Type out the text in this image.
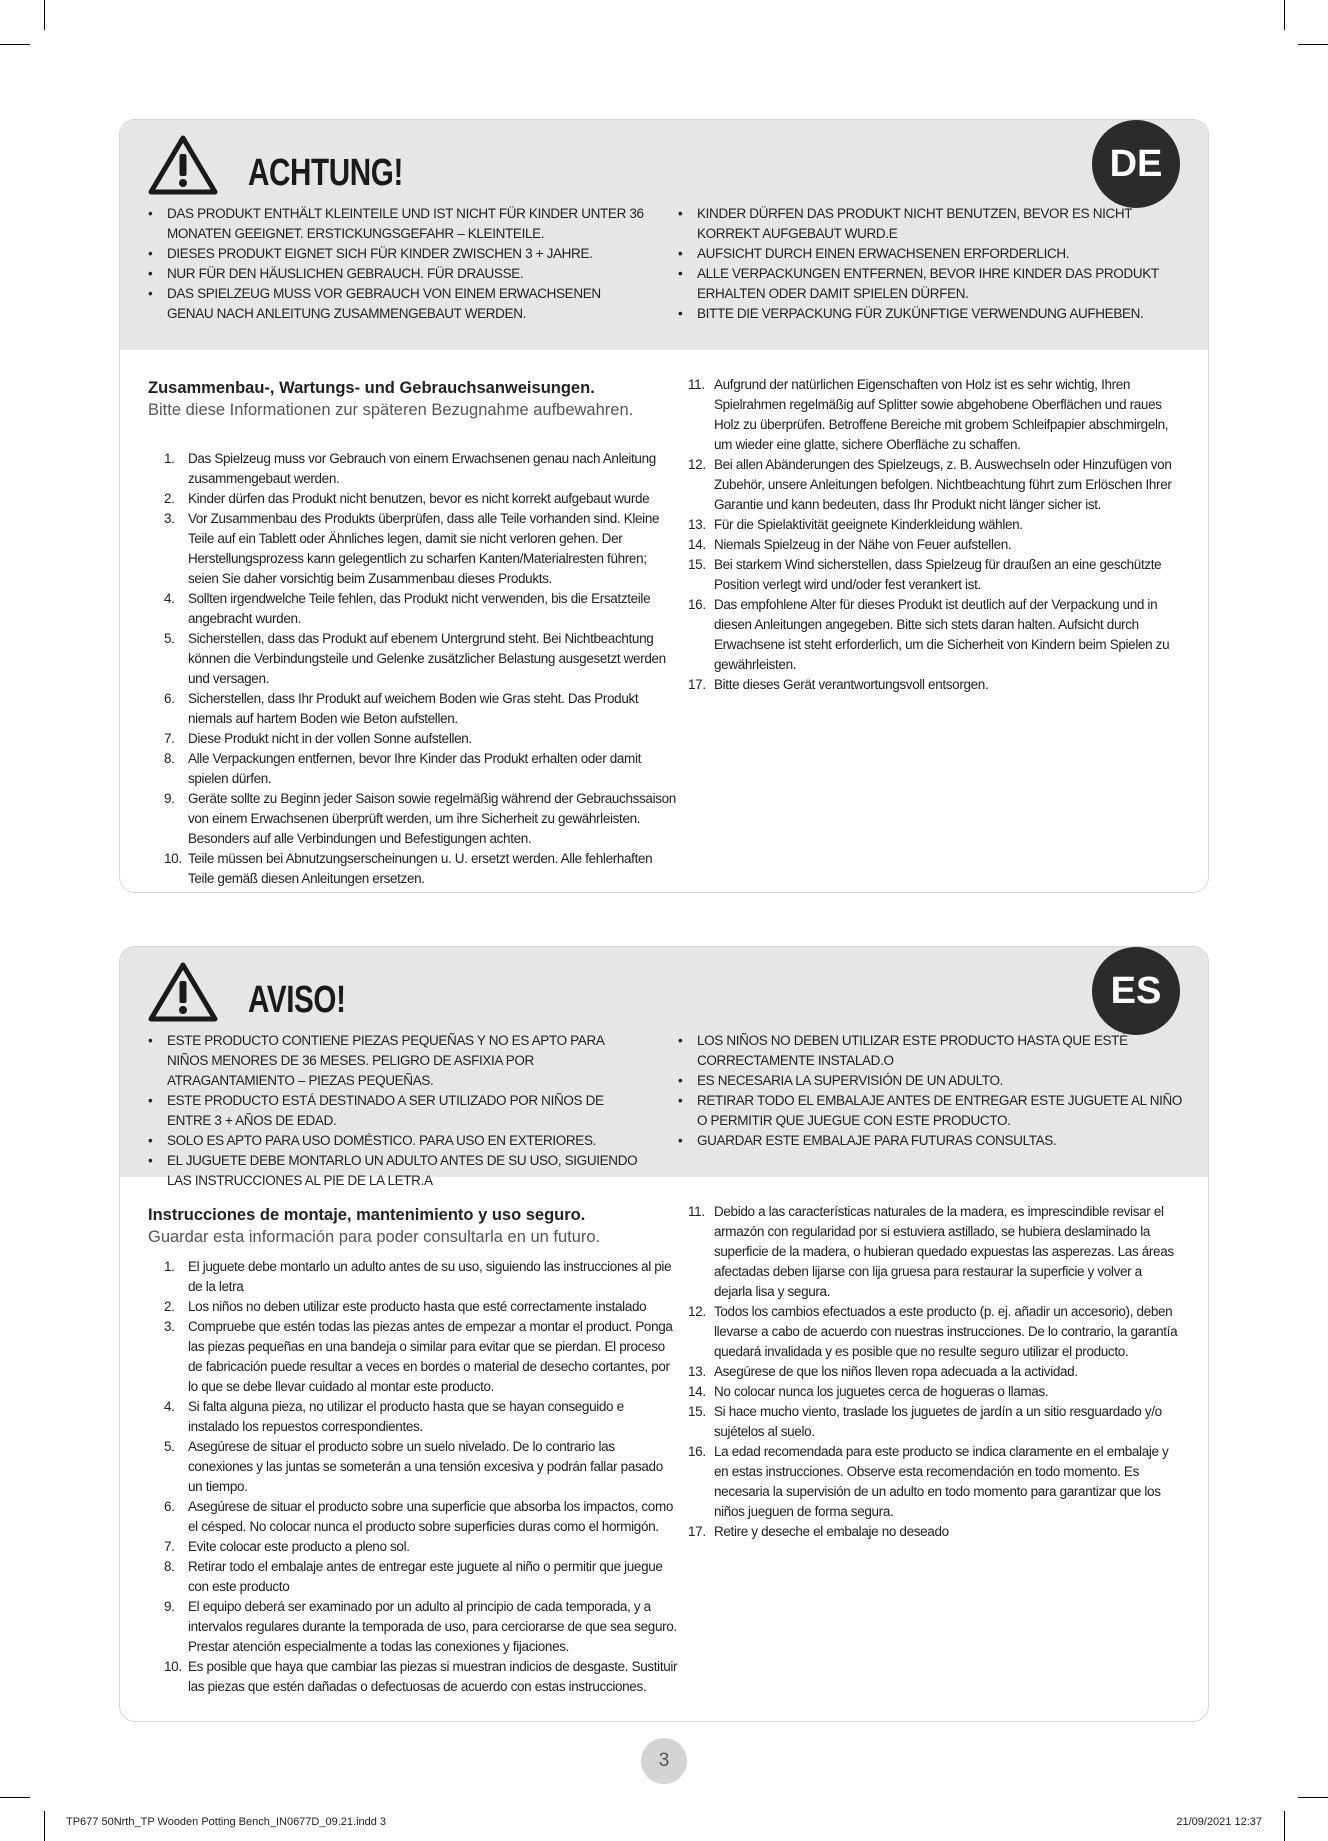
ACHTUNG!	DE
• DAS PRODUKT ENTHÄLT KLEINTEILE UND IST NICHT FÜR KINDER UNTER 36 MONATEN GEEIGNET. ERSTICKUNGSGEFAHR – KLEINTEILE.
• DIESES PRODUKT EIGNET SICH FÜR KINDER ZWISCHEN 3 + JAHRE.
• NUR FÜR DEN HÄUSLICHEN GEBRAUCH. FÜR DRAUSSE.
• DAS SPIELZEUG MUSS VOR GEBRAUCH VON EINEM ERWACHSENEN GENAU NACH ANLEITUNG ZUSAMMENGEBAUT WERDEN.
• KINDER DÜRFEN DAS PRODUKT NICHT BENUTZEN, BEVOR ES NICHT KORREKT AUFGEBAUT WURD.E
• AUFSICHT DURCH EINEN ERWACHSENEN ERFORDERLICH.
• ALLE VERPACKUNGEN ENTFERNEN, BEVOR IHRE KINDER DAS PRODUKT ERHALTEN ODER DAMIT SPIELEN DÜRFEN.
• BITTE DIE VERPACKUNG FÜR ZUKÜNFTIGE VERWENDUNG AUFHEBEN.
Zusammenbau-, Wartungs- und Gebrauchsanweisungen.
Bitte diese Informationen zur späteren Bezugnahme aufbewahren.
1. Das Spielzeug muss vor Gebrauch von einem Erwachsenen genau nach Anleitung zusammengebaut werden.
2. Kinder dürfen das Produkt nicht benutzen, bevor es nicht korrekt aufgebaut wurde
3. Vor Zusammenbau des Produkts überprüfen, dass alle Teile vorhanden sind. Kleine Teile auf ein Tablett oder Ähnliches legen, damit sie nicht verloren gehen. Der Herstellungsprozess kann gelegentlich zu scharfen Kanten/Materialresten führen; seien Sie daher vorsichtig beim Zusammenbau dieses Produkts.
4. Sollten irgendwelche Teile fehlen, das Produkt nicht verwenden, bis die Ersatzteile angebracht wurden.
5. Sicherstellen, dass das Produkt auf ebenem Untergrund steht. Bei Nichtbeachtung können die Verbindungsteile und Gelenke zusätzlicher Belastung ausgesetzt werden und versagen.
6. Sicherstellen, dass Ihr Produkt auf weichem Boden wie Gras steht. Das Produkt niemals auf hartem Boden wie Beton aufstellen.
7. Diese Produkt nicht in der vollen Sonne aufstellen.
8. Alle Verpackungen entfernen, bevor Ihre Kinder das Produkt erhalten oder damit spielen dürfen.
9. Geräte sollte zu Beginn jeder Saison sowie regelmäßig während der Gebrauchssaison von einem Erwachsenen überprüft werden, um ihre Sicherheit zu gewährleisten. Besonders auf alle Verbindungen und Befestigungen achten.
10. Teile müssen bei Abnutzungserscheinungen u. U. ersetzt werden. Alle fehlerhaften Teile gemäß diesen Anleitungen ersetzen.
11. Aufgrund der natürlichen Eigenschaften von Holz ist es sehr wichtig, Ihren Spielrahmen regelmäßig auf Splitter sowie abgehobene Oberflächen und raues Holz zu überprüfen. Betroffene Bereiche mit grobem Schleifpapier abschmirgeln, um wieder eine glatte, sichere Oberfläche zu schaffen.
12. Bei allen Abänderungen des Spielzeugs, z. B. Auswechseln oder Hinzufügen von Zubehör, unsere Anleitungen befolgen. Nichtbeachtung führt zum Erlöschen Ihrer Garantie und kann bedeuten, dass Ihr Produkt nicht länger sicher ist.
13. Für die Spielaktivität geeignete Kinderkleidung wählen.
14. Niemals Spielzeug in der Nähe von Feuer aufstellen.
15. Bei starkem Wind sicherstellen, dass Spielzeug für draußen an eine geschützte Position verlegt wird und/oder fest verankert ist.
16. Das empfohlene Alter für dieses Produkt ist deutlich auf der Verpackung und in diesen Anleitungen angegeben. Bitte sich stets daran halten. Aufsicht durch Erwachsene ist steht erforderlich, um die Sicherheit von Kindern beim Spielen zu gewährleisten.
17. Bitte dieses Gerät verantwortungsvoll entsorgen.
AVISO!	ES
• ESTE PRODUCTO CONTIENE PIEZAS PEQUEÑAS Y NO ES APTO PARA NIÑOS MENORES DE 36 MESES. PELIGRO DE ASFIXIA POR ATRAGANTAMIENTO – PIEZAS PEQUEÑAS.
• ESTE PRODUCTO ESTÁ DESTINADO A SER UTILIZADO POR NIÑOS DE ENTRE 3 + AÑOS DE EDAD.
• SOLO ES APTO PARA USO DOMÉSTICO. PARA USO EN EXTERIORES.
• EL JUGUETE DEBE MONTARLO UN ADULTO ANTES DE SU USO, SIGUIENDO LAS INSTRUCCIONES AL PIE DE LA LETR.A
• LOS NIÑOS NO DEBEN UTILIZAR ESTE PRODUCTO HASTA QUE ESTÉ CORRECTAMENTE INSTALAD.O
• ES NECESARIA LA SUPERVISIÓN DE UN ADULTO.
• RETIRAR TODO EL EMBALAJE ANTES DE ENTREGAR ESTE JUGUETE AL NIÑO O PERMITIR QUE JUEGUE CON ESTE PRODUCTO.
• GUARDAR ESTE EMBALAJE PARA FUTURAS CONSULTAS.
Instrucciones de montaje, mantenimiento y uso seguro.
Guardar esta información para poder consultarla en un futuro.
1. El juguete debe montarlo un adulto antes de su uso, siguiendo las instrucciones al pie de la letra
2. Los niños no deben utilizar este producto hasta que esté correctamente instalado
3. Compruebe que estén todas las piezas antes de empezar a montar el product. Ponga las piezas pequeñas en una bandeja o similar para evitar que se pierdan. El proceso de fabricación puede resultar a veces en bordes o material de desecho cortantes, por lo que se debe llevar cuidado al montar este producto.
4. Si falta alguna pieza, no utilizar el producto hasta que se hayan conseguido e instalado los repuestos correspondientes.
5. Asegúrese de situar el producto sobre un suelo nivelado. De lo contrario las conexiones y las juntas se someterán a una tensión excesiva y podrán fallar pasado un tiempo.
6. Asegúrese de situar el producto sobre una superficie que absorba los impactos, como el césped. No colocar nunca el producto sobre superficies duras como el hormigón.
7. Evite colocar este producto a pleno sol.
8. Retirar todo el embalaje antes de entregar este juguete al niño o permitir que juegue con este producto
9. El equipo deberá ser examinado por un adulto al principio de cada temporada, y a intervalos regulares durante la temporada de uso, para cerciorarse de que sea seguro. Prestar atención especialmente a todas las conexiones y fijaciones.
10. Es posible que haya que cambiar las piezas si muestran indicios de desgaste. Sustituir las piezas que estén dañadas o defectuosas de acuerdo con estas instrucciones.
11. Debido a las características naturales de la madera, es imprescindible revisar el armazón con regularidad por si estuviera astillado, se hubiera deslaminado la superficie de la madera, o hubieran quedado expuestas las asperezas. Las áreas afectadas deben lijarse con lija gruesa para restaurar la superficie y volver a dejarla lisa y segura.
12. Todos los cambios efectuados a este producto (p. ej. añadir un accesorio), deben llevarse a cabo de acuerdo con nuestras instrucciones. De lo contrario, la garantía quedará invalidada y es posible que no resulte seguro utilizar el producto.
13. Asegúrese de que los niños lleven ropa adecuada a la actividad.
14. No colocar nunca los juguetes cerca de hogueras o llamas.
15. Si hace mucho viento, traslade los juguetes de jardín a un sitio resguardado y/o sujételos al suelo.
16. La edad recomendada para este producto se indica claramente en el embalaje y en estas instrucciones. Observe esta recomendación en todo momento. Es necesaria la supervisión de un adulto en todo momento para garantizar que los niños jueguen de forma segura.
17. Retire y deseche el embalaje no deseado
3
TP677 50Nrth_TP Wooden Potting Bench_IN0677D_09.21.indd 3	21/09/2021 12:37
